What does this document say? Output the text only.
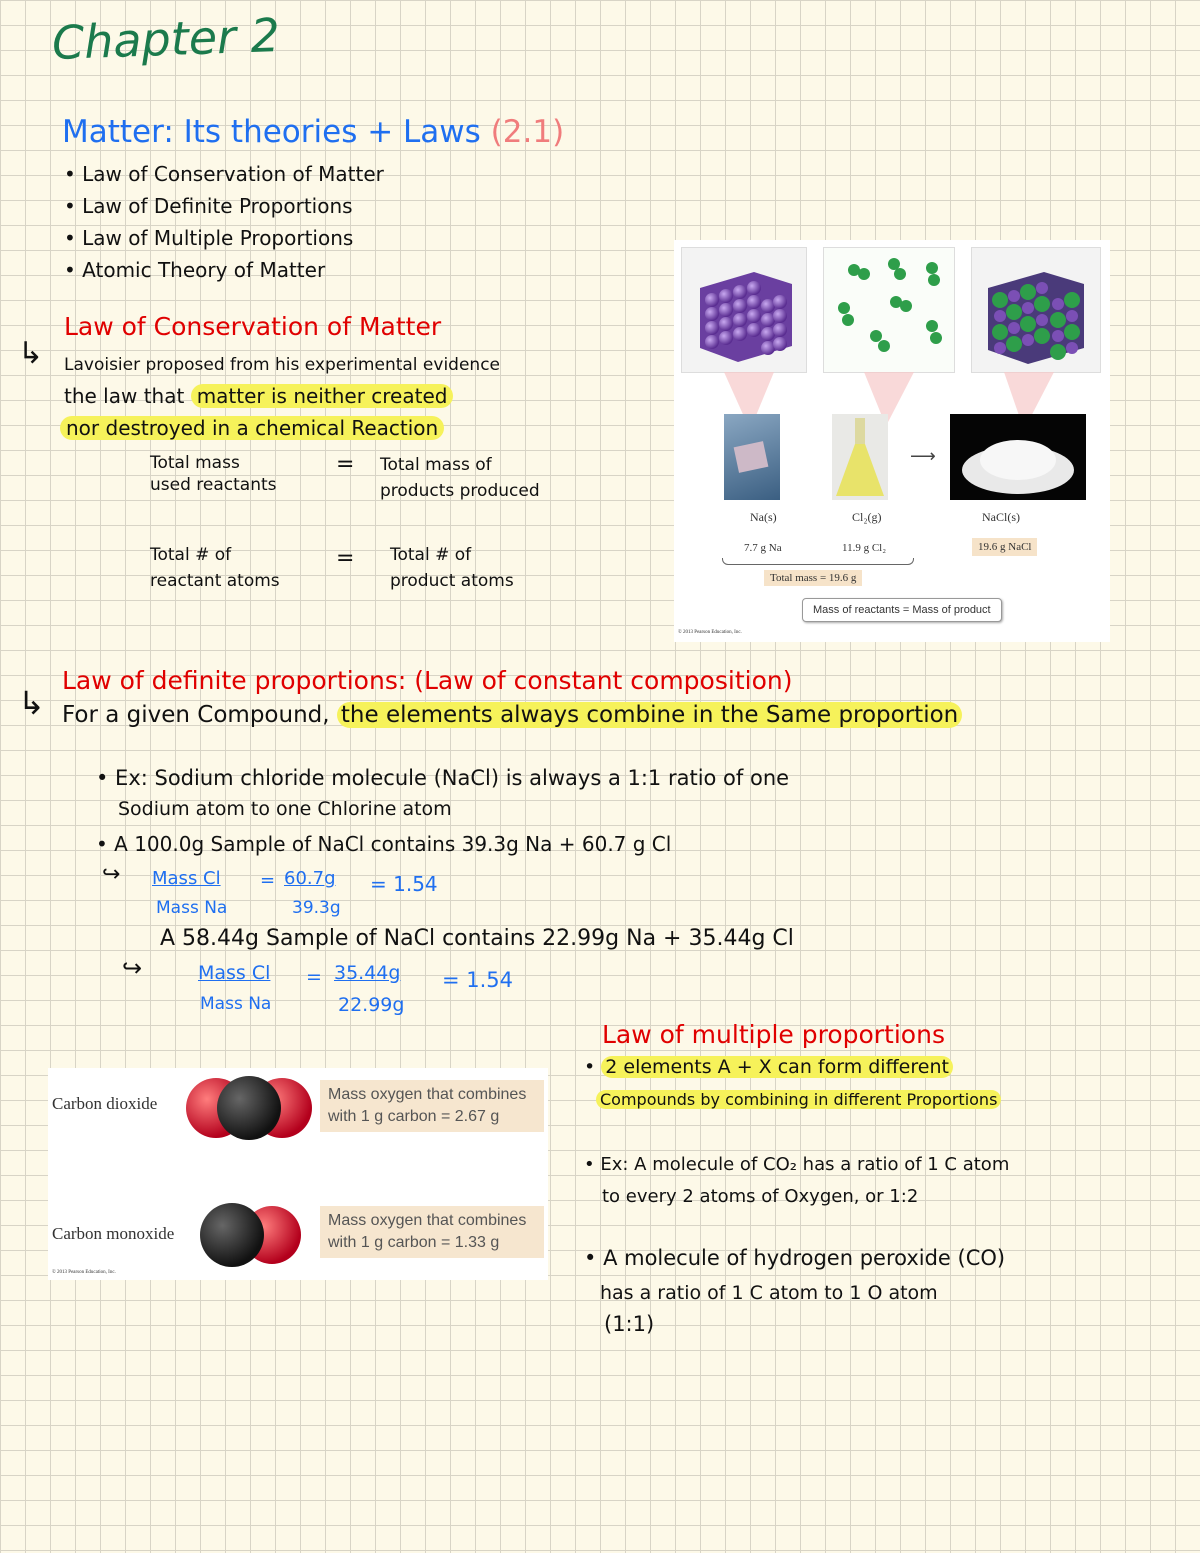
Chapter 2
Matter: Its theories + Laws (2.1)
• Law of Conservation of Matter
• Law of Definite Proportions
• Law of Multiple Proportions
• Atomic Theory of Matter
Law of Conservation of Matter
↳ Lavoisier proposed from his experimental evidence
the law that matter is neither created
nor destroyed in a chemical Reaction
Total mass
used reactants
= Total mass of
products produced
Total # of
reactant atoms
= Total # of
product atoms
⟶
Na(s)	Cl₂(g)	NaCl(s)
7.7 g Na	11.9 g Cl₂	19.6 g NaCl
Total mass = 19.6 g
Mass of reactants = Mass of product
© 2013 Pearson Education, Inc.
↳
Law of definite proportions: (Law of constant composition)
For a given Compound, the elements always combine in the Same proportion
• Ex: Sodium chloride molecule (NaCl) is always a 1:1 ratio of one
Sodium atom to one Chlorine atom
• A 100.0g Sample of NaCl contains 39.3g Na + 60.7 g Cl
↪ Mass Cl
Mass Na
= 60.7g
39.3g
= 1.54
A 58.44g Sample of NaCl contains 22.99g Na + 35.44g Cl
↪	Mass Cl
Mass Na
= 35.44g
22.99g
= 1.54
Carbon dioxide	Mass oxygen that combines
with 1 g carbon = 2.67 g
Carbon monoxide
Mass oxygen that combines
with 1 g carbon = 1.33 g
© 2013 Pearson Education, Inc.
Law of multiple proportions
• 2 elements A + X can form different
Compounds by combining in different Proportions
• Ex: A molecule of CO₂ has a ratio of 1 C atom
to every 2 atoms of Oxygen, or 1:2
• A molecule of hydrogen peroxide (CO)
has a ratio of 1 C atom to 1 O atom
(1:1)
